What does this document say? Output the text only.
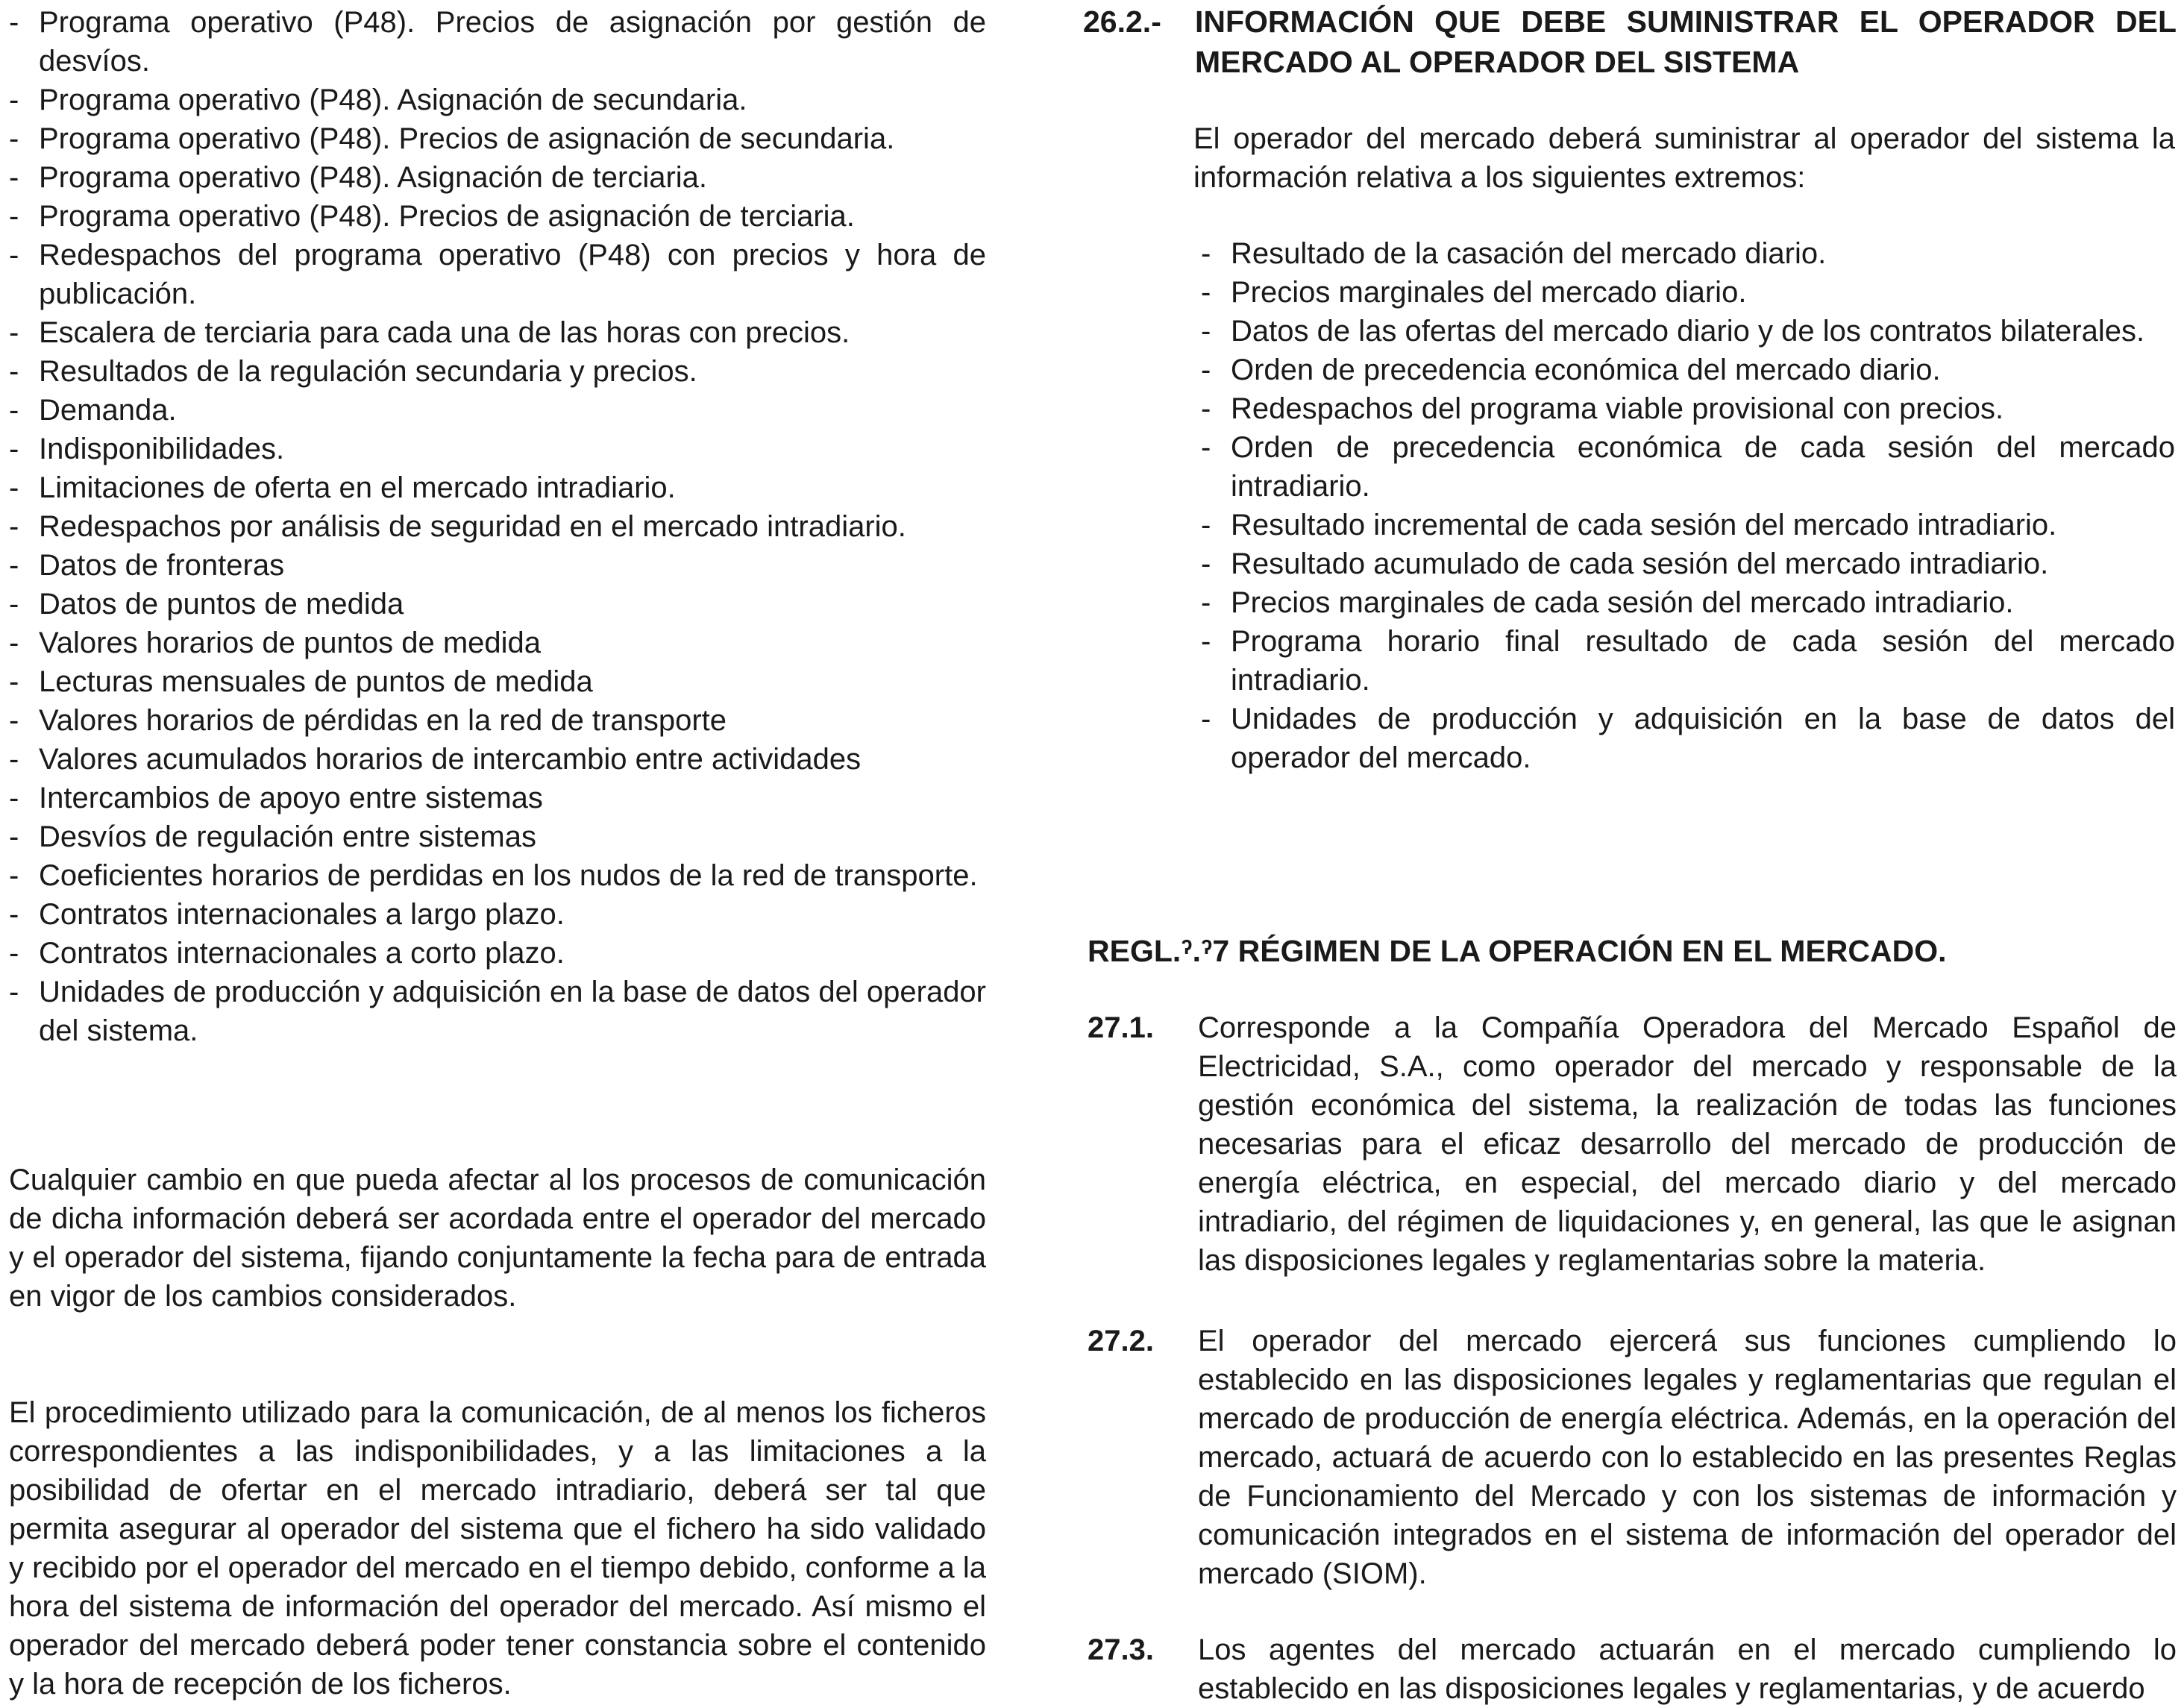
- Programa operativo (P48). Precios de asignación por gestión de desvíos.
- Programa operativo (P48). Asignación de secundaria.
- Programa operativo (P48). Precios de asignación de secundaria.
- Programa operativo (P48). Asignación de terciaria.
- Programa operativo (P48). Precios de asignación de terciaria.
- Redespachos del programa operativo (P48) con precios y hora de publicación.
- Escalera de terciaria para cada una de las horas con precios.
- Resultados de la regulación secundaria y precios.
- Demanda.
- Indisponibilidades.
- Limitaciones de oferta en el mercado intradiario.
- Redespachos por análisis de seguridad en el mercado intradiario.
- Datos de fronteras
- Datos de puntos de medida
- Valores horarios de puntos de medida
- Lecturas mensuales de puntos de medida
- Valores horarios de pérdidas en la red de transporte
- Valores acumulados horarios de intercambio entre actividades
- Intercambios de apoyo entre sistemas
- Desvíos de regulación entre sistemas
- Coeficientes horarios de perdidas en los nudos de la red de transporte.
- Contratos internacionales a largo plazo.
- Contratos internacionales a corto plazo.
- Unidades de producción y adquisición en la base de datos del operador del sistema.

Cualquier cambio en que pueda afectar al los procesos de comunicación de dicha información deberá ser acordada entre el operador del mercado y el operador del sistema, fijando conjuntamente la fecha para de entrada en vigor de los cambios considerados.

El procedimiento utilizado para la comunicación, de al menos los ficheros correspondientes a las indisponibilidades, y a las limitaciones a la posibilidad de ofertar en el mercado intradiario, deberá ser tal que permita asegurar al operador del sistema que el fichero ha sido validado y recibido por el operador del mercado en el tiempo debido, conforme a la hora del sistema de información del operador del mercado. Así mismo el operador del mercado deberá poder tener constancia sobre el contenido y la hora de recepción de los ficheros.

26.2.- INFORMACIÓN QUE DEBE SUMINISTRAR EL OPERADOR DEL MERCADO AL OPERADOR DEL SISTEMA

El operador del mercado deberá suministrar al operador del sistema la información relativa a los siguientes extremos:

- Resultado de la casación del mercado diario.
- Precios marginales del mercado diario.
- Datos de las ofertas del mercado diario y de los contratos bilaterales.
- Orden de precedencia económica del mercado diario.
- Redespachos del programa viable provisional con precios.
- Orden de precedencia económica de cada sesión del mercado intradiario.
- Resultado incremental de cada sesión del mercado intradiario.
- Resultado acumulado de cada sesión del mercado intradiario.
- Precios marginales de cada sesión del mercado intradiario.
- Programa horario final resultado de cada sesión del mercado intradiario.
- Unidades de producción y adquisición en la base de datos del operador del mercado.
REGL.ˀ.ˀ7 RÉGIMEN DE LA OPERACIÓN EN EL MERCADO.
27.1. Corresponde a la Compañía Operadora del Mercado Español de Electricidad, S.A., como operador del mercado y responsable de la gestión económica del sistema, la realización de todas las funciones necesarias para el eficaz desarrollo del mercado de producción de energía eléctrica, en especial, del mercado diario y del mercado intradiario, del régimen de liquidaciones y, en general, las que le asignan las disposiciones legales y reglamentarias sobre la materia.
27.2. El operador del mercado ejercerá sus funciones cumpliendo lo establecido en las disposiciones legales y reglamentarias que regulan el mercado de producción de energía eléctrica. Además, en la operación del mercado, actuará de acuerdo con lo establecido en las presentes Reglas de Funcionamiento del Mercado y con los sistemas de información y comunicación integrados en el sistema de información del operador del mercado (SIOM).
27.3. Los agentes del mercado actuarán en el mercado cumpliendo lo establecido en las disposiciones legales y reglamentarias, y de acuerdo
